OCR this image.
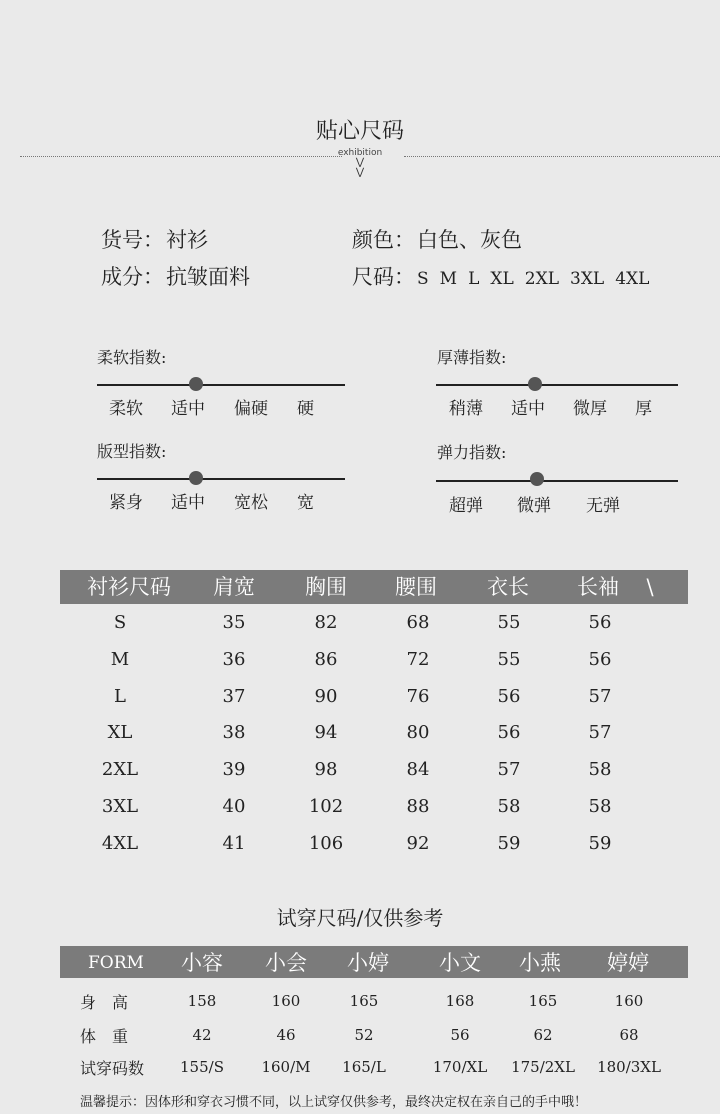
贴心尺码
exhibition
⋁
⋁
货号：衬衫	颜色：白色、灰色
成分：抗皱面料	尺码： S M L XL 2XL 3XL 4XL
柔软指数:
柔软 适中 偏硬 硬
厚薄指数:
稍薄 适中 微厚 厚
版型指数:
紧身 适中 宽松 宽
弹力指数:
超弹 微弹 无弹
衬衫尺码	肩宽	胸围	腰围	衣长	长袖	\
S	35	82	68	55	56
M	36	86	72	55	56
L	37	90	76	56	57
XL	38	94	80	56	57
2XL	39	98	84	57	58
3XL	40	102	88	58	58
4XL	41	106	92	59	59
试穿尺码/仅供参考
FORM	小容	小会	小婷	小文	小燕	婷婷
身　高	158	160	165	168	165	160
体　重	42	46	52	56	62	68
试穿码数	155/S	160/M	165/L	170/XL	175/2XL	180/3XL
温馨提示：因体形和穿衣习惯不同，以上试穿仅供参考，最终决定权在亲自己的手中哦！
